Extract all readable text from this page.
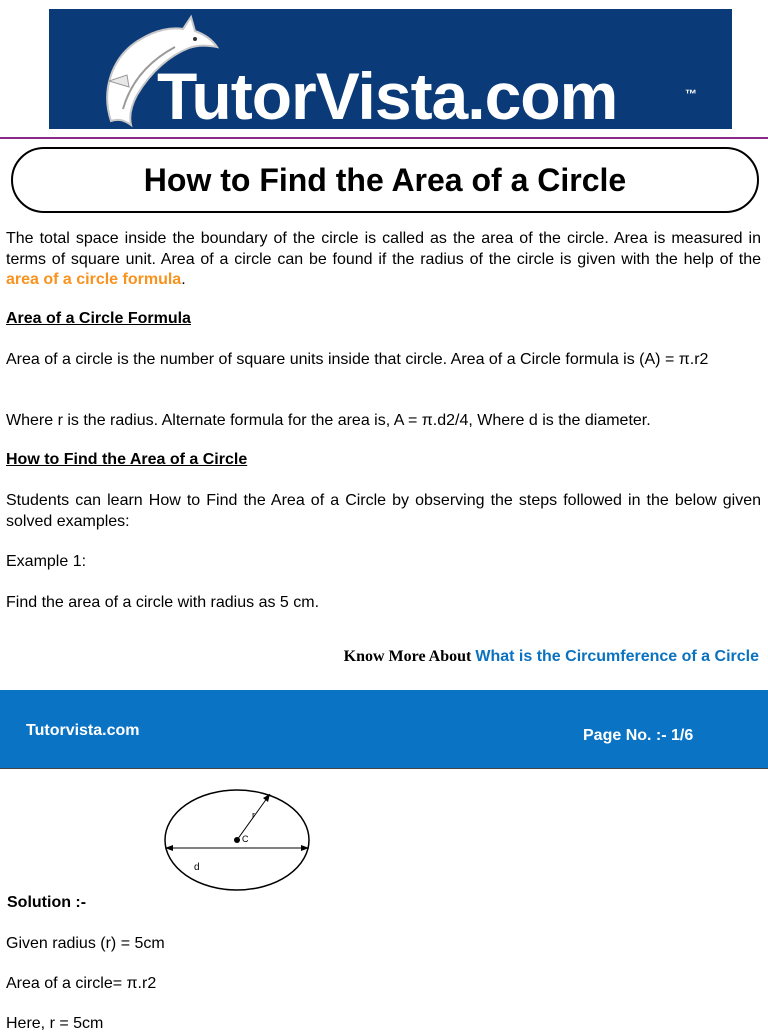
TutorVista.com	™
How to Find the Area of a Circle

The total space inside the boundary of the circle is called as the area of the circle. Area is measured in terms of square unit. Area of a circle can be found if the radius of the circle is given with the help of the area of a circle formula.

Area of a Circle Formula

Area of a circle is the number of square units inside that circle. Area of a Circle formula is (A) = π.r2

Where r is the radius. Alternate formula for the area is, A = π.d2/4, Where d is the diameter.

How to Find the Area of a Circle

Students can learn How to Find the Area of a Circle by observing the steps followed in the below given solved examples:

Example 1:

Find the area of a circle with radius as 5 cm.

Know More About What is the Circumference of a Circle
Tutorvista.com	Page No. :- 1/6
r
C
d

Solution :-

Given radius (r) = 5cm

Area of a circle= π.r2

Here, r = 5cm
